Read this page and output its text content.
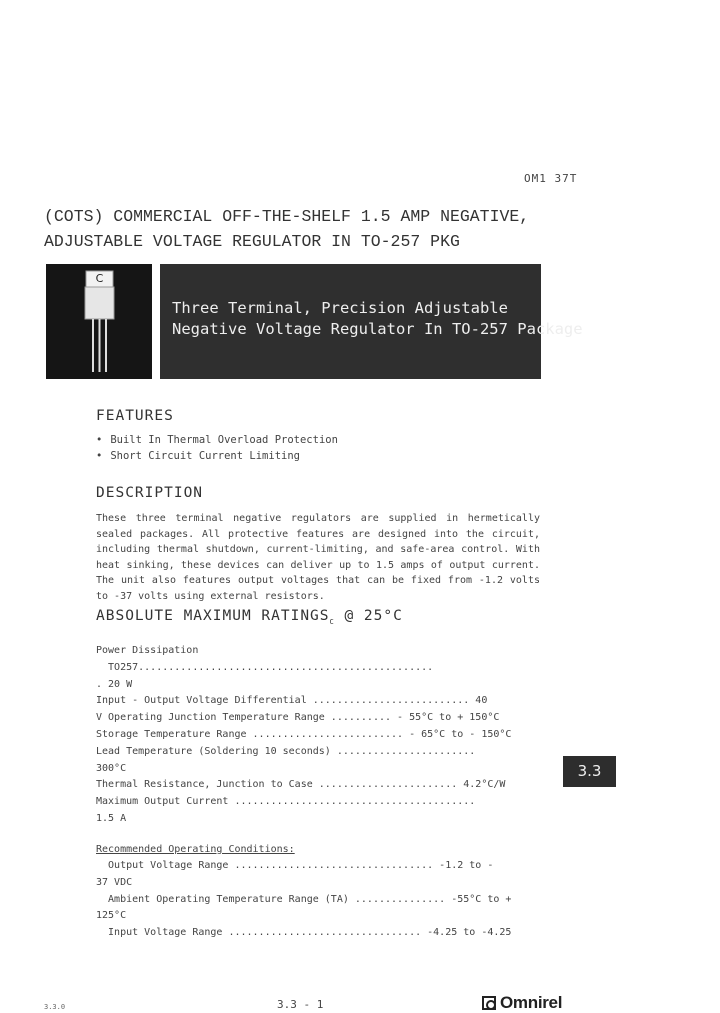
OM1 37T
(COTS) COMMERCIAL OFF-THE-SHELF 1.5 AMP NEGATIVE,
ADJUSTABLE VOLTAGE REGULATOR IN TO-257 PKG
C
Three Terminal, Precision Adjustable
Negative Voltage Regulator In TO-257 Package
FEATURES
• Built In Thermal Overload Protection
• Short Circuit Current Limiting
DESCRIPTION
These three terminal negative regulators are supplied in hermetically sealed packages. All protective features are designed into the circuit, including thermal shutdown, current-limiting, and safe-area control. With heat sinking, these devices can deliver up to 1.5 amps of output current. The unit also features output voltages that can be fixed from -1.2 volts to -37 volts using external resistors.
ABSOLUTE MAXIMUM $RATINGS_C$ @ 25°C
Power Dissipation
TO257.................................................
. 20 W
Input - Output Voltage Differential .......................... 40
V Operating Junction Temperature Range .......... - 55°C to + 150°C
Storage Temperature Range ......................... - 65°C to - 150°C
Lead Temperature (Soldering 10 seconds) .......................
300°C
Thermal Resistance, Junction to Case ....................... 4.2°C/W
Maximum Output Current ........................................
1.5 A
Recommended Operating Conditions:
Output Voltage Range ................................. -1.2 to -
37 VDC
Ambient Operating Temperature Range (TA) ............... -55°C to +
125°C
Input Voltage Range ................................ -4.25 to -4.25
3.3
3.3.0	3.3 - 1	Omnirel
